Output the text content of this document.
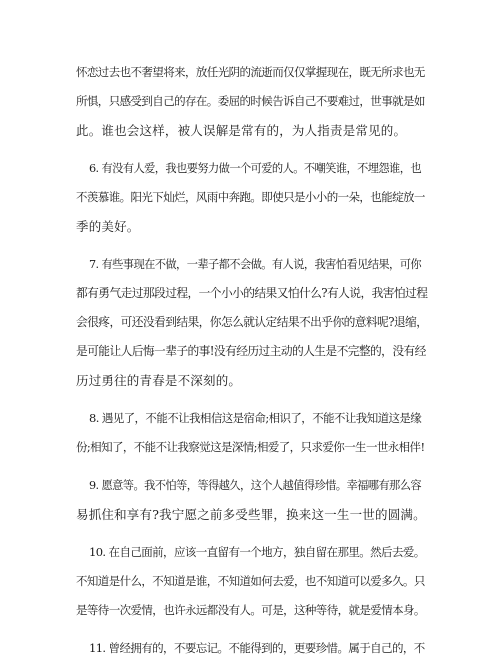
怀恋过去也不奢望将来，放任光阴的流逝而仅仅掌握现在，既无所求也无
所惧，只感受到自己的存在。委屈的时候告诉自己不要难过，世事就是如
此。谁也会这样，被人误解是常有的，为人指责是常见的。

6. 有没有人爱，我也要努力做一个可爱的人。不嘲笑谁，不埋怨谁，也
不羡慕谁。阳光下灿烂，风雨中奔跑。即使只是小小的一朵，也能绽放一
季的美好。

7. 有些事现在不做，一辈子都不会做。有人说，我害怕看见结果，可你
都有勇气走过那段过程，一个小小的结果又怕什么?有人说，我害怕过程
会很疼，可还没看到结果，你怎么就认定结果不出乎你的意料呢?退缩，
是可能让人后悔一辈子的事!没有经历过主动的人生是不完整的，没有经
历过勇往的青春是不深刻的。

8. 遇见了，不能不让我相信这是宿命;相识了，不能不让我知道这是缘
份;相知了，不能不让我察觉这是深情;相爱了，只求爱你一生一世永相伴!

9. 愿意等。我不怕等，等得越久，这个人越值得珍惜。幸福哪有那么容
易抓住和享有?我宁愿之前多受些罪，换来这一生一世的圆满。

10. 在自己面前，应该一直留有一个地方，独自留在那里。然后去爱。
不知道是什么，不知道是谁，不知道如何去爱，也不知道可以爱多久。只
是等待一次爱情，也许永远都没有人。可是，这种等待，就是爱情本身。

11. 曾经拥有的，不要忘记。不能得到的，更要珍惜。属于自己的，不
